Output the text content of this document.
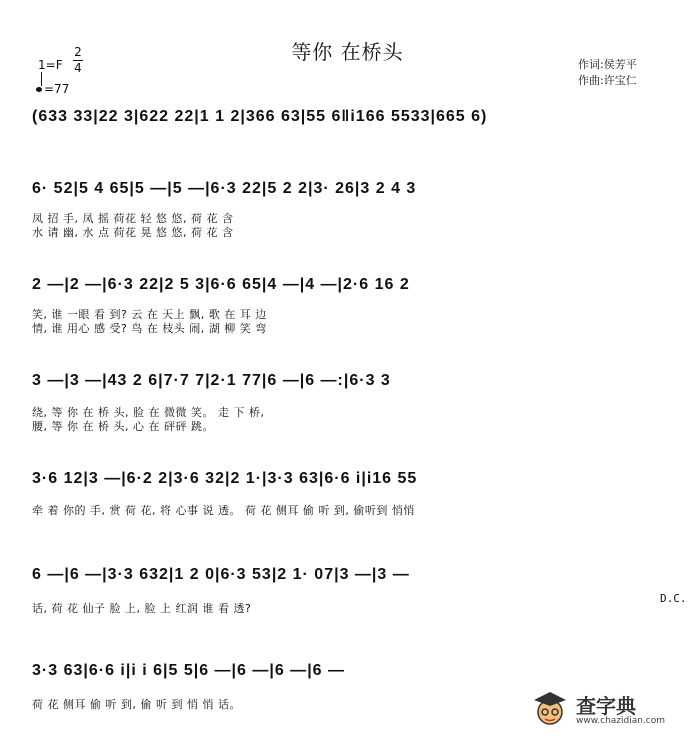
等你 在桥头
作词:侯芳平
作曲:许宝仁
1=F
2
4
=77
(633 33|22 3|622 22|1 1 2|366 63|55 6‖i166 5533|665 6)
6· 52|5 4 65|5 —|5 —|6·3 22|5 2 2|3· 26|3 2 4 3
凤 招 手, 凤 摇 荷花 轻 悠 悠, 荷 花 含
水 请 幽, 水 点 荷花 晃 悠 悠, 荷 花 含
2 —|2 —|6·3 22|2 5 3|6·6 65|4 —|4 —|2·6 16 2
笑, 谁 一眼 看 到? 云 在 天上 飘, 歌 在 耳 边
情, 谁 用心 感 受? 鸟 在 枝头 闹, 湖 柳 笑 弯
3 —|3 —|43 2 6|7·7 7|2·1 77|6 —|6 —:|6·3 3
绕, 等 你 在 桥 头, 脸 在 微微 笑。 走 下 桥,
腰, 等 你 在 桥 头, 心 在 砰砰 跳。
3·6 12|3 —|6·2 2|3·6 32|2 1·|3·3 63|6·6 i|i16 55
牵 着 你的 手, 赏 荷 花, 将 心事 说 透。 荷 花 侧耳 偷 听 到, 偷听到 悄悄
6 —|6 —|3·3 632|1 2 0|6·3 53|2 1· 07|3 —|3 —
话, 荷 花 仙子 脸 上, 脸 上 红润 谁 看 透?
D.C.
3·3 63|6·6 i|i i 6|5 5|6 —|6 —|6 —|6 —
荷 花 侧耳 偷 听 到, 偷 听 到 悄 悄 话。	查字典
www.chazidian.com
